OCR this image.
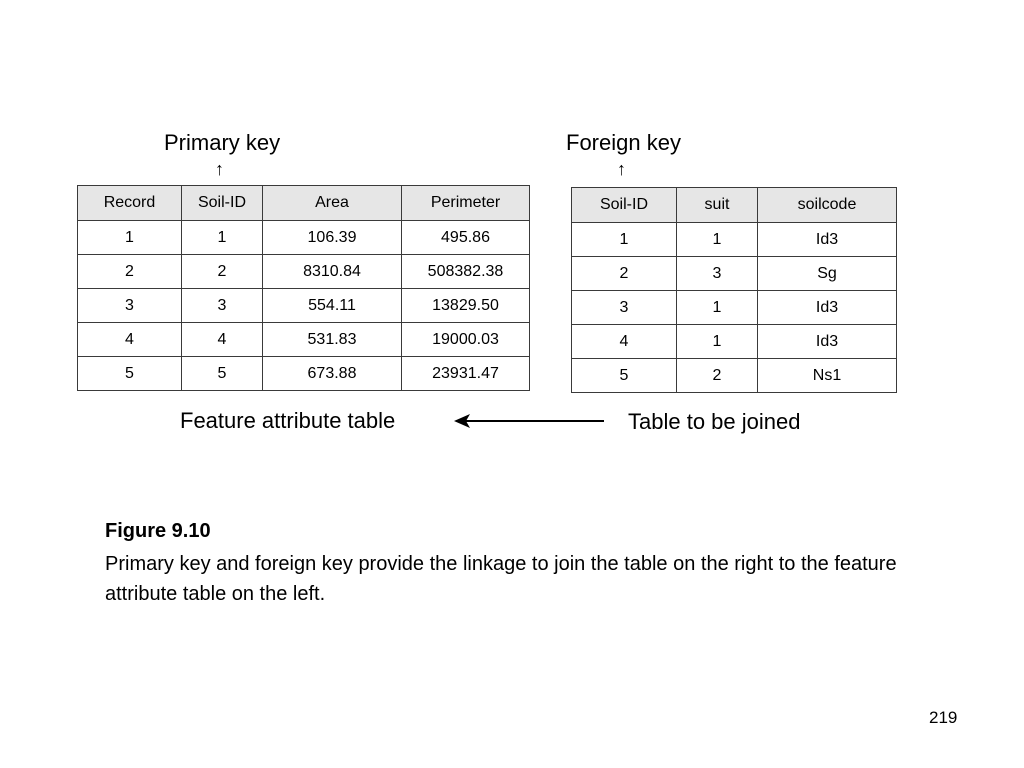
Primary key
↑
Foreign key
↑
Record	Soil-ID	Area	Perimeter
1	1	106.39	495.86
2	2	8310.84	508382.38
3	3	554.11	13829.50
4	4	531.83	19000.03
5	5	673.88	23931.47
Soil-ID	suit	soilcode
1	1	Id3
2	3	Sg
3	1	Id3
4	1	Id3
5	2	Ns1
Feature attribute table	Table to be joined
Figure 9.10
Primary key and foreign key provide the linkage to join the table on the right to the feature attribute table on the left.
219
